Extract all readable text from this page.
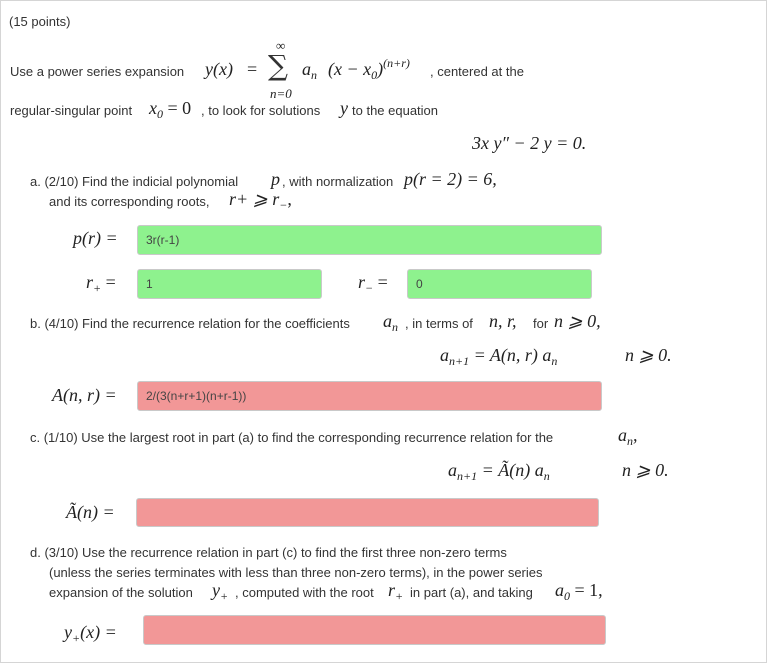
(15 points)
Use a power series expansion y(x) =
∞
∑
n=0
$a_n$ $(x - x_0)^{(n+r)}$
, centered at the
regular-singular point $x_0 = 0$ , to look for solutions y to the equation
3x y″ − 2 y = 0.
a. (2/10) Find the indicial polynomial p , with normalization p(r = 2) = 6,
and its corresponding roots, r+ ⩾ $r_-$,
p(r) =
3r(r-1)
$r_+$ =
1	$r_-$ =
0
b. (4/10) Find the recurrence relation for the coefficients $a_n$ , in terms of n, r, for n ⩾ 0,
$a_{n+1} = A(n$, r) $a_n$	n ⩾ 0.
A(n, r) =
2/(3(n+r+1)(n+r-1))
c. (1/10) Use the largest root in part (a) to find the corresponding recurrence relation for the	$a_n$,
$a_{n+1}$ = Ã(n) $a_n$	n ⩾ 0.
Ã(n) =
d. (3/10) Use the recurrence relation in part (c) to find the first three non-zero terms
(unless the series terminates with less than three non-zero terms), in the power series
expansion of the solution $y_+$ , computed with the root $r_+$ in part (a), and taking $a_0 = 1$,
$y_+(x)$ =
